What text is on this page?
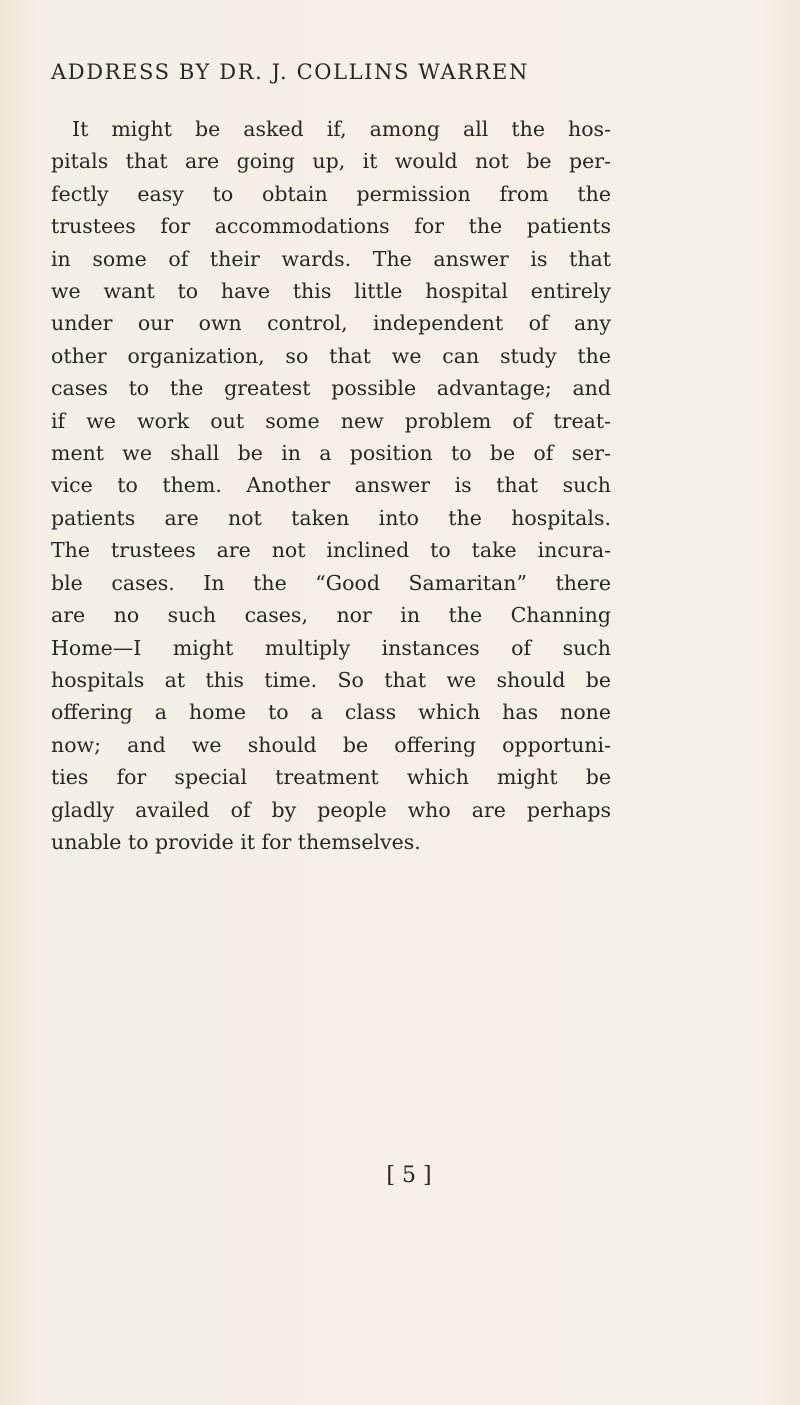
ADDRESS BY DR. J. COLLINS WARREN
It might be asked if, among all the hos-
pitals that are going up, it would not be per-
fectly easy to obtain permission from the
trustees for accommodations for the patients
in some of their wards. The answer is that
we want to have this little hospital entirely
under our own control, independent of any
other organization, so that we can study the
cases to the greatest possible advantage; and
if we work out some new problem of treat-
ment we shall be in a position to be of ser-
vice to them. Another answer is that such
patients are not taken into the hospitals.
The trustees are not inclined to take incura-
ble cases. In the “Good Samaritan” there
are no such cases, nor in the Channing
Home—I might multiply instances of such
hospitals at this time. So that we should be
offering a home to a class which has none
now; and we should be offering opportuni-
ties for special treatment which might be
gladly availed of by people who are perhaps
unable to provide it for themselves.
[ 5 ]
